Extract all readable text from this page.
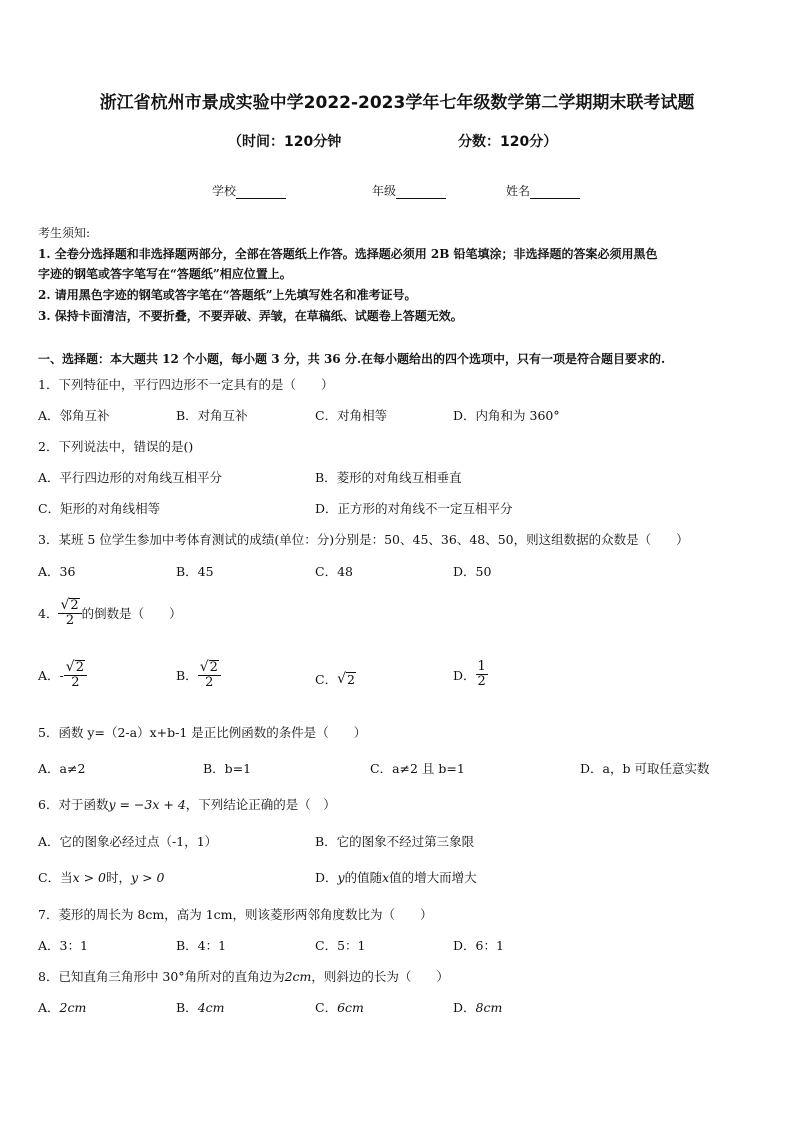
浙江省杭州市景成实验中学2022-2023学年七年级数学第二学期期末联考试题
（时间：120分钟	分数：120分）
学校	年级	姓名
考生须知:
1. 全卷分选择题和非选择题两部分，全部在答题纸上作答。选择题必须用 2B 铅笔填涂；非选择题的答案必须用黑色
字迹的钢笔或答字笔写在“答题纸”相应位置上。
2. 请用黑色字迹的钢笔或答字笔在“答题纸”上先填写姓名和准考证号。
3. 保持卡面清洁，不要折叠，不要弄破、弄皱，在草稿纸、试题卷上答题无效。
一、选择题：本大题共 12 个小题，每小题 3 分，共 36 分.在每小题给出的四个选项中，只有一项是符合题目要求的.
1．下列特征中，平行四边形不一定具有的是（　　）
A．邻角互补	B．对角互补	C．对角相等	D．内角和为 360°
2．下列说法中，错误的是()
A．平行四边形的对角线互相平分	B．菱形的对角线互相垂直
C．矩形的对角线相等	D．正方形的对角线不一定互相平分
3．某班 5 位学生参加中考体育测试的成绩(单位：分)分别是：50、45、36、48、50，则这组数据的众数是（　　）
A．36	B．45	C．48	D．50
4． $\frac{√ 2}{2}$ 的倒数是（　　）
A． - $\frac{√ 2}{2}$	B． $\frac{√ 2}{2}$	C． √ 2	D． $\frac{1}{2}$
5．函数 y=（2-a）x+b-1 是正比例函数的条件是（　　）
A．a≠2	B．b=1	C．a≠2 且 b=1	D．a，b 可取任意实数
6．对于函数y = −3x + 4，下列结论正确的是（　）
A．它的图象必经过点（-1，1）	B．它的图象不经过第三象限
C．当x > 0时，y > 0	D．y的值随x值的增大而增大
7．菱形的周长为 8cm，高为 1cm，则该菱形两邻角度数比为（　　）
A．3：1	B．4：1	C．5：1	D．6：1
8．已知直角三角形中 30°角所对的直角边为2cm，则斜边的长为（　　）
A．2cm	B．4cm	C．6cm	D．8cm
